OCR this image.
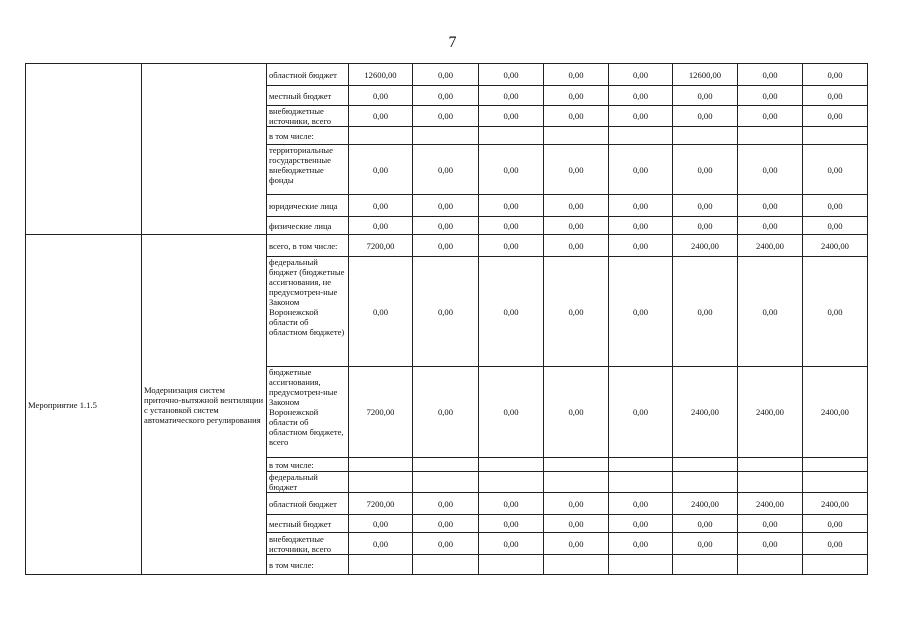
7
		областной бюджет	12600,00	0,00	0,00	0,00	0,00	12600,00	0,00	0,00
		местный бюджет	0,00	0,00	0,00	0,00	0,00	0,00	0,00	0,00
		внебюджетные источники, всего	0,00	0,00	0,00	0,00	0,00	0,00	0,00	0,00
		в том числе:								
		территориальные государственные внебюджетные фонды	0,00	0,00	0,00	0,00	0,00	0,00	0,00	0,00
		юридические лица	0,00	0,00	0,00	0,00	0,00	0,00	0,00	0,00
		физические лица	0,00	0,00	0,00	0,00	0,00	0,00	0,00	0,00
Мероприятие 1.1.5	Модернизация систем приточно-вытяжной вентиляции с установкой систем автоматического регулирования	всего, в том числе:	7200,00	0,00	0,00	0,00	0,00	2400,00	2400,00	2400,00
		федеральный бюджет (бюджетные ассигнования, не предусмотрен-ные Законом Воронежской области об областном бюджете)	0,00	0,00	0,00	0,00	0,00	0,00	0,00	0,00
		бюджетные ассигнования, предусмотрен-ные Законом Воронежской области об областном бюджете, всего	7200,00	0,00	0,00	0,00	0,00	2400,00	2400,00	2400,00
		в том числе:								
		федеральный бюджет								
		областной бюджет	7200,00	0,00	0,00	0,00	0,00	2400,00	2400,00	2400,00
		местный бюджет	0,00	0,00	0,00	0,00	0,00	0,00	0,00	0,00
		внебюджетные источники, всего	0,00	0,00	0,00	0,00	0,00	0,00	0,00	0,00
		в том числе:								
